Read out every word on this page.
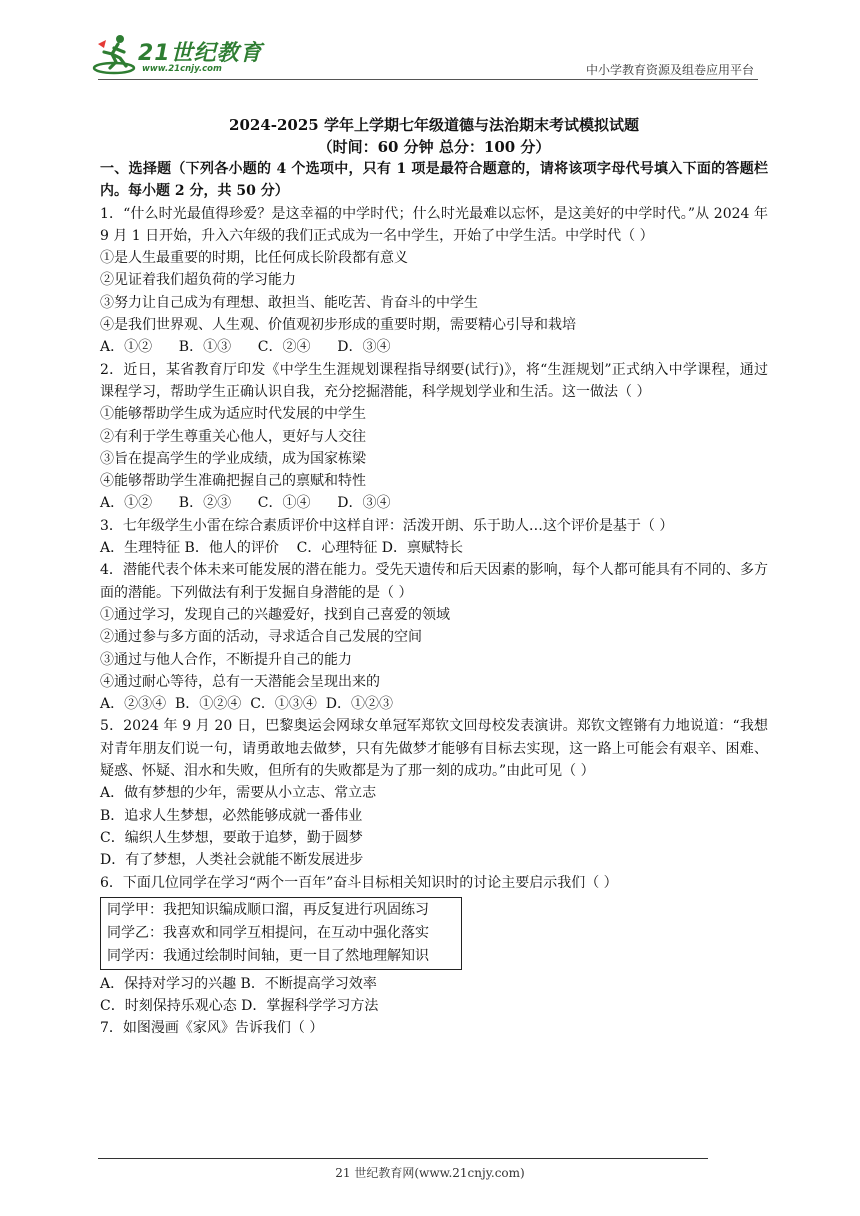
21世纪教育
www.21cnjy.com	中小学教育资源及组卷应用平台
2024-2025 学年上学期七年级道德与法治期末考试模拟试题
（时间：60 分钟 总分：100 分）
一、选择题（下列各小题的 4 个选项中，只有 1 项是最符合题意的，请将该项字母代号填入下面的答题栏内。每小题 2 分，共 50 分）
1．“什么时光最值得珍爱？是这幸福的中学时代；什么时光最难以忘怀，是这美好的中学时代。”从 2024 年 9 月 1 日开始，升入六年级的我们正式成为一名中学生，开始了中学生活。中学时代（ ）
①是人生最重要的时期，比任何成长阶段都有意义
②见证着我们超负荷的学习能力
③努力让自己成为有理想、敢担当、能吃苦、肯奋斗的中学生
④是我们世界观、人生观、价值观初步形成的重要时期，需要精心引导和栽培
A．①②      B．①③      C．②④      D．③④
2．近日，某省教育厅印发《中学生生涯规划课程指导纲要(试行)》，将“生涯规划”正式纳入中学课程，通过课程学习，帮助学生正确认识自我，充分挖掘潜能，科学规划学业和生活。这一做法（ ）
①能够帮助学生成为适应时代发展的中学生
②有利于学生尊重关心他人，更好与人交往
③旨在提高学生的学业成绩，成为国家栋梁
④能够帮助学生准确把握自己的禀赋和特性
A．①②      B．②③      C．①④      D．③④
3．七年级学生小雷在综合素质评价中这样自评：活泼开朗、乐于助人…这个评价是基于（ ）
A．生理特征 B．他人的评价    C．心理特征 D．禀赋特长
4．潜能代表个体未来可能发展的潜在能力。受先天遗传和后天因素的影响，每个人都可能具有不同的、多方面的潜能。下列做法有利于发掘自身潜能的是（ ）
①通过学习，发现自己的兴趣爱好，找到自己喜爱的领域
②通过参与多方面的活动，寻求适合自己发展的空间
③通过与他人合作，不断提升自己的能力
④通过耐心等待，总有一天潜能会呈现出来的
A．②③④  B．①②④  C．①③④  D．①②③
5．2024 年 9 月 20 日，巴黎奥运会网球女单冠军郑钦文回母校发表演讲。郑钦文铿锵有力地说道：“我想对青年朋友们说一句，请勇敢地去做梦，只有先做梦才能够有目标去实现，这一路上可能会有艰辛、困难、疑惑、怀疑、泪水和失败，但所有的失败都是为了那一刻的成功。”由此可见（ ）
A．做有梦想的少年，需要从小立志、常立志
B．追求人生梦想，必然能够成就一番伟业
C．编织人生梦想，要敢于追梦，勤于圆梦
D．有了梦想，人类社会就能不断发展进步
6．下面几位同学在学习“两个一百年”奋斗目标相关知识时的讨论主要启示我们（ ）
同学甲：我把知识编成顺口溜，再反复进行巩固练习
同学乙：我喜欢和同学互相提问，在互动中强化落实
同学丙：我通过绘制时间轴，更一目了然地理解知识
A．保持对学习的兴趣 B．不断提高学习效率
C．时刻保持乐观心态 D．掌握科学学习方法
7．如图漫画《家风》告诉我们（ ）
21 世纪教育网(www.21cnjy.com)
